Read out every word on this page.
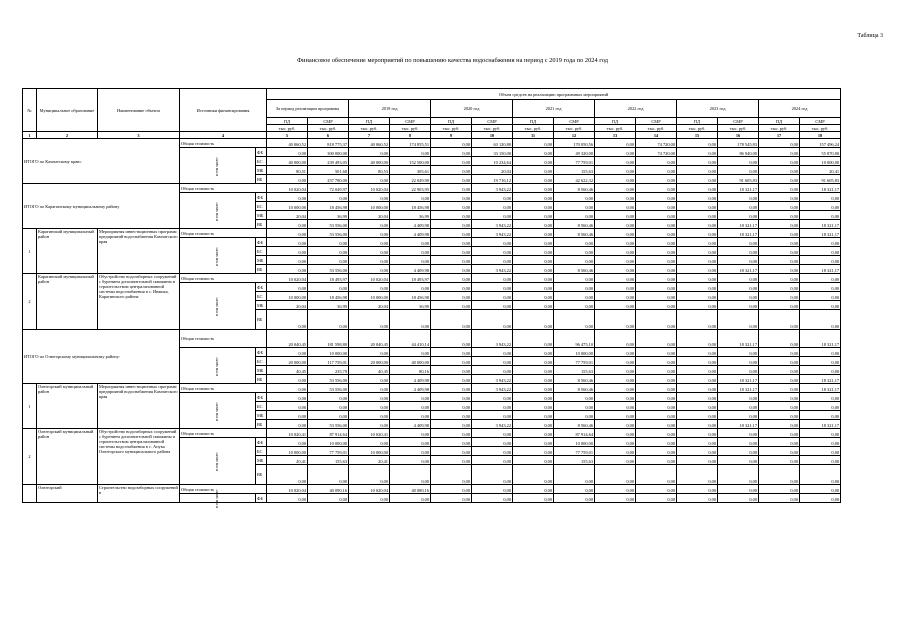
Таблица 3
Финансовое обеспечение мероприятий по повышению качества водоснабжения на период с 2019 года по 2024 год
№	Муниципальное образование	Наименование объекта	Источники финансирования		Объем средств на реализацию программных мероприятий													
					За период реализации программы		2019 год		2020 год		2021 год		2022 год		2023 год		2024 год	
					ПД	СМР	ПД	СМР	ПД	СМР	ПД	СМР	ПД	СМР	ПД	СМР	ПД	СМР
					тыс. руб.	тыс. руб.	тыс. руб.	тыс. руб.	тыс. руб.	тыс. руб.	тыс. руб.	тыс. руб.	тыс. руб.	тыс. руб.	тыс. руб.	тыс. руб.	тыс. руб.	тыс. руб.
1	2	3	4		5	6	7	8	9	10	11	12	13	14	15	16	17	18
ИТОГО по Камчатскому краю:			Общая стоимость		40 060,52	818 775,37	40 060,52	174 855,51	0,00	63 120,80	0,00	170 050,56	0,00	74 720,00	0,00	178 545,83	0,00	157 496,24
			в том числе:	ФБ	0,00	300 000,00	0,00	0,00	0,00	33 150,00	0,00	49 320,00	0,00	74 720,00	0,00	86 940,00	0,00	55 870,00
				БС	40 000,00	239 493,05	40 000,00	152 500,00	0,00	10 234,64	0,00	77 759,01	0,00	0,00	0,00	0,00	0,00	10 000,00
				МБ	80,51	501,68	80,53	305,61	0,00	20,04	0,00	155,63	0,00	0,00	0,00	0,00	0,00	20,41
				ВБ	0,00	257 780,00	0,00	22 049,90	0,00	19 716,12	0,00	42 622,32	0,00	0,00	0,00	91 605,83	0,00	91 605,83
ИТОГО по Карагинскому муниципальному району			Общая стоимость		10 020,04	72 049,97	10 020,04	22 903,95	0,00	3 943,22	0,00	8 560,46	0,00	0,00	0,00	18 321,17	0,00	18 321,17
			в том числе:	ФБ	0,00	0,00	0,00	0,00	0,00	0,00	0,00	0,00	0,00	0,00	0,00	0,00	0,00	0,00
				БС	10 000,00	18 456,98	10 000,00	18 456,98	0,00	0,00	0,00	0,00	0,00	0,00	0,00	0,00	0,00	0,00
				МБ	20,04	36,99	20,04	36,99	0,00	0,00	0,00	0,00	0,00	0,00	0,00	0,00	0,00	0,00
				ВБ	0,00	53 556,00	0,00	4 409,98	0,00	3 943,22	0,00	8 560,46	0,00	0,00	0,00	18 321,17	0,00	18 321,17
1	Карагинский муниципальный район	Мероприятия инвестиционных программ предприятий водоснабжения Камчатского края	Общая стоимость		0,00	53 556,00	0,00	4 409,98	0,00	3 943,22	0,00	8 560,46	0,00	0,00	0,00	18 321,17	0,00	18 321,17
			в том числе:	ФБ	0,00	0,00	0,00	0,00	0,00	0,00	0,00	0,00	0,00	0,00	0,00	0,00	0,00	0,00
				БС	0,00	0,00	0,00	0,00	0,00	0,00	0,00	0,00	0,00	0,00	0,00	0,00	0,00	0,00
				МБ	0,00	0,00	0,00	0,00	0,00	0,00	0,00	0,00	0,00	0,00	0,00	0,00	0,00	0,00
				ВБ	0,00	53 556,00	0,00	4 409,98	0,00	3 943,22	0,00	8 560,46	0,00	0,00	0,00	18 321,17	0,00	18 321,17
2	Карагинский муниципальный район	Обустройство водозаборных сооружений с бурением дополнительной скважины и строительством централизованной системы водоснабжения в с. Ивашка, Карагинского района	Общая стоимость		10 020,04	18 493,97	10 020,04	18 493,97	0,00	0,00	0,00	0,00	0,00	0,00	0,00	0,00	0,00	0,00
			в том числе:	ФБ	0,00	0,00	0,00	0,00	0,00	0,00	0,00	0,00	0,00	0,00	0,00	0,00	0,00	0,00
				БС	10 000,00	18 456,98	10 000,00	18 456,98	0,00	0,00	0,00	0,00	0,00	0,00	0,00	0,00	0,00	0,00
				МБ	20,04	36,99	20,04	36,99	0,00	0,00	0,00	0,00	0,00	0,00	0,00	0,00	0,00	0,00
				ВБ	0,00	0,00	0,00	0,00	0,00	0,00	0,00	0,00	0,00	0,00	0,00	0,00	0,00	0,00
ИТОГО по Олюторскому муниципальному району:			Общая стоимость		20 040,45	181 598,80	20 040,45	44 410,14	0,00	3 943,22	0,00	96 475,10	0,00	0,00	0,00	18 321,17	0,00	18 321,17
			в том числе:	ФБ	0,00	10 000,00	0,00	0,00	0,00	0,00	0,00	10 000,00	0,00	0,00	0,00	0,00	0,00	0,00
				БС	20 000,00	117 759,01	20 000,00	40 000,00	0,00	0,00	0,00	77 759,01	0,00	0,00	0,00	0,00	0,00	0,00
				МБ	40,45	235,79	40,45	80,16	0,00	0,00	0,00	155,63	0,00	0,00	0,00	0,00	0,00	0,00
				ВБ	0,00	53 556,00	0,00	4 409,98	0,00	3 943,22	0,00	8 560,46	0,00	0,00	0,00	18 321,17	0,00	18 321,17
1	Олюторский муниципальный район	Мероприятия инвестиционных программ предприятий водоснабжения Камчатского края	Общая стоимость		0,00	53 556,00	0,00	4 409,98	0,00	3 943,22	0,00	8 560,46	0,00	0,00	0,00	18 321,17	0,00	18 321,17
			в том числе:	ФБ	0,00	0,00	0,00	0,00	0,00	0,00	0,00	0,00	0,00	0,00	0,00	0,00	0,00	0,00
				БС	0,00	0,00	0,00	0,00	0,00	0,00	0,00	0,00	0,00	0,00	0,00	0,00	0,00	0,00
				МБ	0,00	0,00	0,00	0,00	0,00	0,00	0,00	0,00	0,00	0,00	0,00	0,00	0,00	0,00
				ВБ	0,00	53 556,00	0,00	4 409,98	0,00	3 943,22	0,00	8 560,46	0,00	0,00	0,00	18 321,17	0,00	18 321,17
2	Олюторский муниципальный район	Обустройство водозаборных сооружений с бурением дополнительной скважины и строительством централизованной системы водоснабжения в с. Апука Олюторского муниципального района	Общая стоимость		10 020,41	87 914,64	10 020,41	0,00	0,00	0,00	0,00	87 914,64	0,00	0,00	0,00	0,00	0,00	0,00
			в том числе:	ФБ	0,00	10 000,00	0,00	0,00	0,00	0,00	0,00	10 000,00	0,00	0,00	0,00	0,00	0,00	0,00
				БС	10 000,00	77 759,01	10 000,00	0,00	0,00	0,00	0,00	77 759,01	0,00	0,00	0,00	0,00	0,00	0,00
				МБ	20,41	155,63	20,41	0,00	0,00	0,00	0,00	155,63	0,00	0,00	0,00	0,00	0,00	0,00
				ВБ	0,00	0,00	0,00	0,00	0,00	0,00	0,00	0,00	0,00	0,00	0,00	0,00	0,00	0,00
	Олюторский	Строительство водозаборных сооружений в	Общая стоимость		10 020,04	40 090,16	10 020,04	40 080,16	0,00	0,00	0,00	0,00	0,00	0,00	0,00	0,00	0,00	0,00
			в том числе:	ФБ	0,00	0,00	0,00	0,00	0,00	0,00	0,00	0,00	0,00	0,00	0,00	0,00	0,00	0,00
